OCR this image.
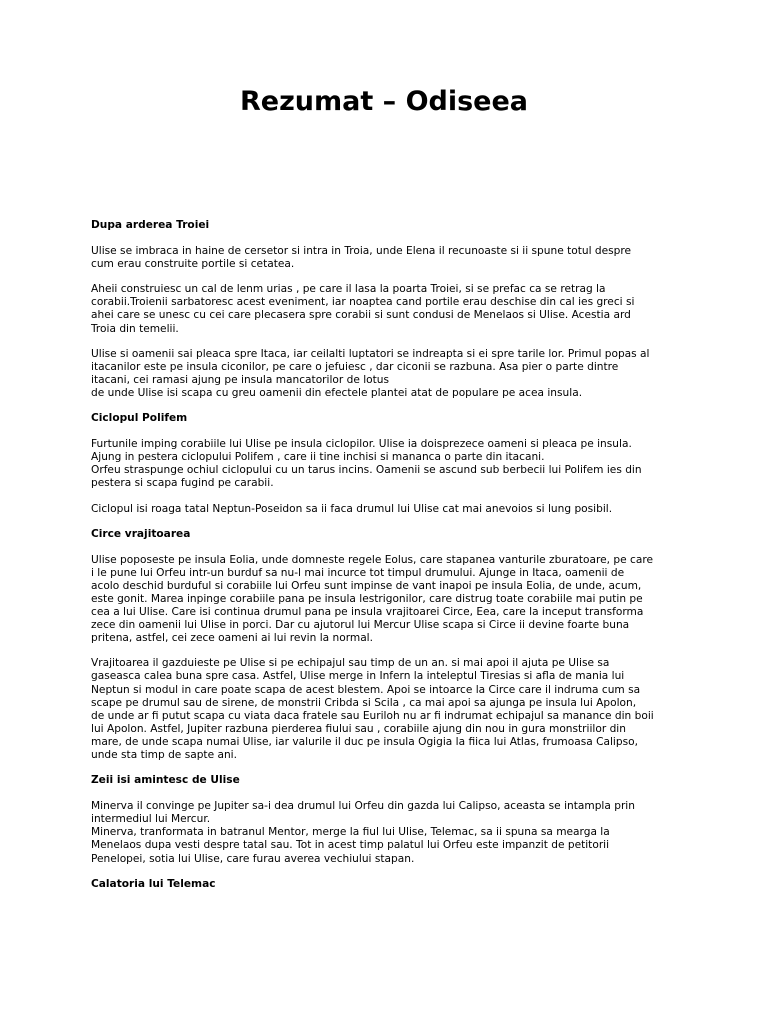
Rezumat – Odiseea
Dupa arderea Troiei

Ulise se imbraca in haine de cersetor si intra in Troia, unde Elena il recunoaste si ii spune totul despre
cum erau construite portile si cetatea.

Aheii construiesc un cal de lenm urias , pe care il lasa la poarta Troiei, si se prefac ca se retrag la
corabii.Troienii sarbatoresc acest eveniment, iar noaptea cand portile erau deschise din cal ies greci si
ahei care se unesc cu cei care plecasera spre corabii si sunt condusi de Menelaos si Ulise. Acestia ard
Troia din temelii.

Ulise si oamenii sai pleaca spre Itaca, iar ceilalti luptatori se indreapta si ei spre tarile lor. Primul popas al
itacanilor este pe insula ciconilor, pe care o jefuiesc , dar ciconii se razbuna. Asa pier o parte dintre
itacani, cei ramasi ajung pe insula mancatorilor de lotus
de unde Ulise isi scapa cu greu oamenii din efectele plantei atat de populare pe acea insula.

Ciclopul Polifem

Furtunile imping corabiile lui Ulise pe insula ciclopilor. Ulise ia doisprezece oameni si pleaca pe insula.
Ajung in pestera ciclopului Polifem , care ii tine inchisi si mananca o parte din itacani.
Orfeu straspunge ochiul ciclopului cu un tarus incins. Oamenii se ascund sub berbecii lui Polifem ies din
pestera si scapa fugind pe carabii.

Ciclopul isi roaga tatal Neptun-Poseidon sa ii faca drumul lui Ulise cat mai anevoios si lung posibil.

Circe vrajitoarea

Ulise poposeste pe insula Eolia, unde domneste regele Eolus, care stapanea vanturile zburatoare, pe care
i le pune lui Orfeu intr-un burduf sa nu-l mai incurce tot timpul drumului. Ajunge in Itaca, oamenii de
acolo deschid burduful si corabiile lui Orfeu sunt impinse de vant inapoi pe insula Eolia, de unde, acum,
este gonit. Marea inpinge corabiile pana pe insula lestrigonilor, care distrug toate corabiile mai putin pe
cea a lui Ulise. Care isi continua drumul pana pe insula vrajitoarei Circe, Eea, care la inceput transforma
zece din oamenii lui Ulise in porci. Dar cu ajutorul lui Mercur Ulise scapa si Circe ii devine foarte buna
pritena, astfel, cei zece oameni ai lui revin la normal.

Vrajitoarea il gazduieste pe Ulise si pe echipajul sau timp de un an. si mai apoi il ajuta pe Ulise sa
gaseasca calea buna spre casa. Astfel, Ulise merge in Infern la inteleptul Tiresias si afla de mania lui
Neptun si modul in care poate scapa de acest blestem. Apoi se intoarce la Circe care il indruma cum sa
scape pe drumul sau de sirene, de monstrii Cribda si Scila , ca mai apoi sa ajunga pe insula lui Apolon,
de unde ar fi putut scapa cu viata daca fratele sau Euriloh nu ar fi indrumat echipajul sa manance din boii
lui Apolon. Astfel, Jupiter razbuna pierderea fiului sau , corabiile ajung din nou in gura monstriilor din
mare, de unde scapa numai Ulise, iar valurile il duc pe insula Ogigia la fiica lui Atlas, frumoasa Calipso,
unde sta timp de sapte ani.

Zeii isi amintesc de Ulise

Minerva il convinge pe Jupiter sa-i dea drumul lui Orfeu din gazda lui Calipso, aceasta se intampla prin
intermediul lui Mercur.
Minerva, tranformata in batranul Mentor, merge la fiul lui Ulise, Telemac, sa ii spuna sa mearga la
Menelaos dupa vesti despre tatal sau. Tot in acest timp palatul lui Orfeu este impanzit de petitorii
Penelopei, sotia lui Ulise, care furau averea vechiului stapan.

Calatoria lui Telemac
